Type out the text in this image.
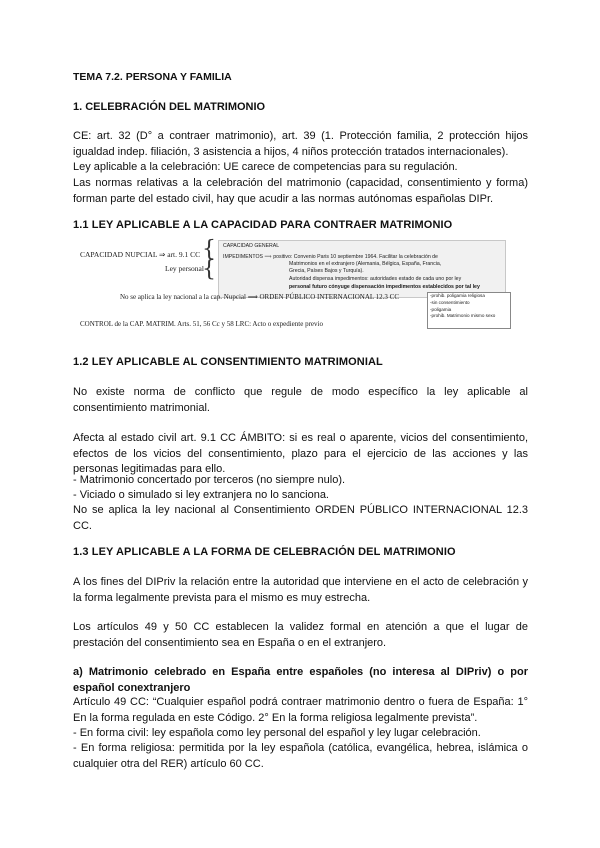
TEMA 7.2. PERSONA Y FAMILIA
1. CELEBRACIÓN DEL MATRIMONIO

CE: art. 32 (D° a contraer matrimonio), art. 39 (1. Protección familia, 2 protección hijos igualdad indep. filiación, 3 asistencia a hijos, 4 niños protección tratados internacionales).

Ley aplicable a la celebración: UE carece de competencias para su regulación.

Las normas relativas a la celebración del matrimonio (capacidad, consentimiento y forma) forman parte del estado civil, hay que acudir a las normas autónomas españolas DIPr.

1.1 LEY APLICABLE A LA CAPACIDAD PARA CONTRAER MATRIMONIO
CAPACIDAD NUPCIAL ⇒ art. 9.1 CC {
Ley personal
{
CAPACIDAD GENERAL
IMPEDIMENTOS ⟹ positivo: Convenio Paris 10 septiembre 1964. Facilitar la celebración de
Matrimonios en el extranjero (Alemania, Bélgica, España, Francia,
Grecia, Países Bajos y Turquía).
Autoridad dispensa impedimentos: autoridades estado de cada uno por ley
personal futuro cónyuge dispensación impedimentos establecidos por tal ley
No se aplica la ley nacional a la cap. Nupcial ⟹ ORDEN PÚBLICO INTERNACIONAL 12.3 CC	-prohib. poligamia religiosa
-sin consentimiento
-poligamia
-prohib. Matrimonio mismo sexo
CONTROL de la CAP. MATRIM. Arts. 51, 56 Cc y 58 LRC: Acto o expediente previo
1.2 LEY APLICABLE AL CONSENTIMIENTO MATRIMONIAL

No existe norma de conflicto que regule de modo específico la ley aplicable al consentimiento matrimonial.

Afecta al estado civil art. 9.1 CC ÁMBITO: si es real o aparente, vicios del consentimiento, efectos de los vicios del consentimiento, plazo para el ejercicio de las acciones y las personas legitimadas para ello.

- Matrimonio concertado por terceros (no siempre nulo).

- Viciado o simulado si ley extranjera no lo sanciona.

No se aplica la ley nacional al Consentimiento ORDEN PÚBLICO INTERNACIONAL 12.3 CC.

1.3 LEY APLICABLE A LA FORMA DE CELEBRACIÓN DEL MATRIMONIO

A los fines del DIPriv la relación entre la autoridad que interviene en el acto de celebración y la forma legalmente prevista para el mismo es muy estrecha.

Los artículos 49 y 50 CC establecen la validez formal en atención a que el lugar de prestación del consentimiento sea en España o en el extranjero.

a) Matrimonio celebrado en España entre españoles (no interesa al DIPriv) o por español conextranjero

Artículo 49 CC: “Cualquier español podrá contraer matrimonio dentro o fuera de España: 1° En la forma regulada en este Código. 2° En la forma religiosa legalmente prevista”.

- En forma civil: ley española como ley personal del español y ley lugar celebración.

- En forma religiosa: permitida por la ley española (católica, evangélica, hebrea, islámica o cualquier otra del RER) artículo 60 CC.
